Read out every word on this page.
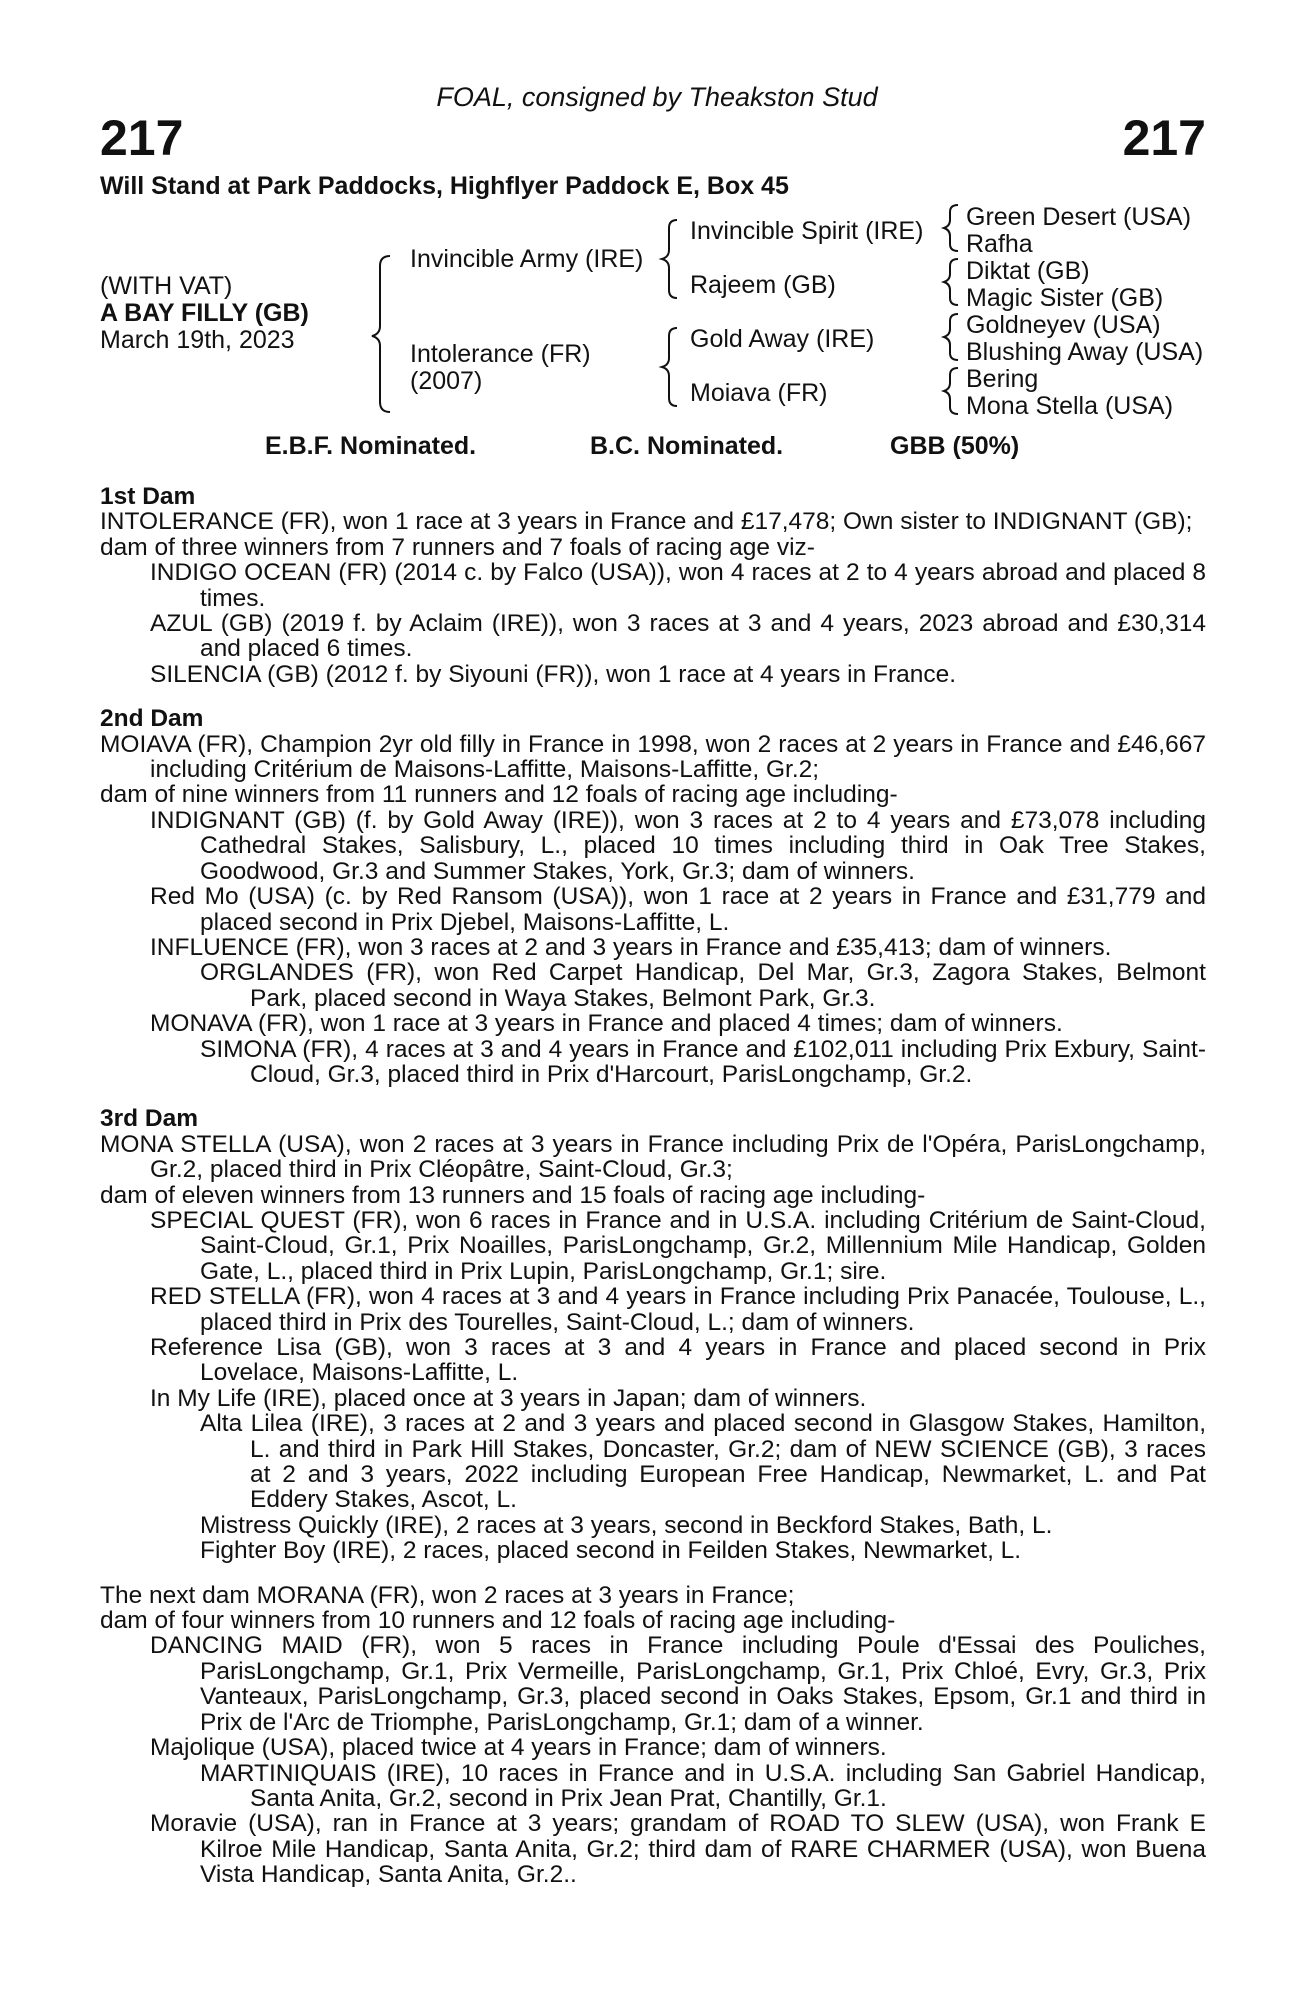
FOAL, consigned by Theakston Stud
217	217
Will Stand at Park Paddocks, Highflyer Paddock E, Box 45
(WITH VAT)
A BAY FILLY (GB)
March 19th, 2023
Invincible Army (IRE)
Intolerance (FR)
(2007)
Invincible Spirit (IRE)
Rajeem (GB)
Gold Away (IRE)
Moiava (FR)
Green Desert (USA)
Rafha
Diktat (GB)
Magic Sister (GB)
Goldneyev (USA)
Blushing Away (USA)
Bering
Mona Stella (USA)
E.B.F. Nominated.	B.C. Nominated.	GBB (50%)
1st Dam
INTOLERANCE (FR), won 1 race at 3 years in France and £17,478; Own sister to INDIGNANT (GB);
dam of three winners from 7 runners and 7 foals of racing age viz-
INDIGO OCEAN (FR) (2014 c. by Falco (USA)), won 4 races at 2 to 4 years abroad and placed 8 times.
AZUL (GB) (2019 f. by Aclaim (IRE)), won 3 races at 3 and 4 years, 2023 abroad and £30,314 and placed 6 times.
SILENCIA (GB) (2012 f. by Siyouni (FR)), won 1 race at 4 years in France.
2nd Dam
MOIAVA (FR), Champion 2yr old filly in France in 1998, won 2 races at 2 years in France and £46,667 including Critérium de Maisons-Laffitte, Maisons-Laffitte, Gr.2;
dam of nine winners from 11 runners and 12 foals of racing age including-
INDIGNANT (GB) (f. by Gold Away (IRE)), won 3 races at 2 to 4 years and £73,078 including Cathedral Stakes, Salisbury, L., placed 10 times including third in Oak Tree Stakes, Goodwood, Gr.3 and Summer Stakes, York, Gr.3; dam of winners.
Red Mo (USA) (c. by Red Ransom (USA)), won 1 race at 2 years in France and £31,779 and placed second in Prix Djebel, Maisons-Laffitte, L.
INFLUENCE (FR), won 3 races at 2 and 3 years in France and £35,413; dam of winners.
ORGLANDES (FR), won Red Carpet Handicap, Del Mar, Gr.3, Zagora Stakes, Belmont Park, placed second in Waya Stakes, Belmont Park, Gr.3.
MONAVA (FR), won 1 race at 3 years in France and placed 4 times; dam of winners.
SIMONA (FR), 4 races at 3 and 4 years in France and £102,011 including Prix Exbury, Saint-Cloud, Gr.3, placed third in Prix d'Harcourt, ParisLongchamp, Gr.2.
3rd Dam
MONA STELLA (USA), won 2 races at 3 years in France including Prix de l'Opéra, ParisLongchamp, Gr.2, placed third in Prix Cléopâtre, Saint-Cloud, Gr.3;
dam of eleven winners from 13 runners and 15 foals of racing age including-
SPECIAL QUEST (FR), won 6 races in France and in U.S.A. including Critérium de Saint-Cloud, Saint-Cloud, Gr.1, Prix Noailles, ParisLongchamp, Gr.2, Millennium Mile Handicap, Golden Gate, L., placed third in Prix Lupin, ParisLongchamp, Gr.1; sire.
RED STELLA (FR), won 4 races at 3 and 4 years in France including Prix Panacée, Toulouse, L., placed third in Prix des Tourelles, Saint-Cloud, L.; dam of winners.
Reference Lisa (GB), won 3 races at 3 and 4 years in France and placed second in Prix Lovelace, Maisons-Laffitte, L.
In My Life (IRE), placed once at 3 years in Japan; dam of winners.
Alta Lilea (IRE), 3 races at 2 and 3 years and placed second in Glasgow Stakes, Hamilton, L. and third in Park Hill Stakes, Doncaster, Gr.2; dam of NEW SCIENCE (GB), 3 races at 2 and 3 years, 2022 including European Free Handicap, Newmarket, L. and Pat Eddery Stakes, Ascot, L.
Mistress Quickly (IRE), 2 races at 3 years, second in Beckford Stakes, Bath, L.
Fighter Boy (IRE), 2 races, placed second in Feilden Stakes, Newmarket, L.
The next dam MORANA (FR), won 2 races at 3 years in France;
dam of four winners from 10 runners and 12 foals of racing age including-
DANCING MAID (FR), won 5 races in France including Poule d'Essai des Pouliches, ParisLongchamp, Gr.1, Prix Vermeille, ParisLongchamp, Gr.1, Prix Chloé, Evry, Gr.3, Prix Vanteaux, ParisLongchamp, Gr.3, placed second in Oaks Stakes, Epsom, Gr.1 and third in Prix de l'Arc de Triomphe, ParisLongchamp, Gr.1; dam of a winner.
Majolique (USA), placed twice at 4 years in France; dam of winners.
MARTINIQUAIS (IRE), 10 races in France and in U.S.A. including San Gabriel Handicap, Santa Anita, Gr.2, second in Prix Jean Prat, Chantilly, Gr.1.
Moravie (USA), ran in France at 3 years; grandam of ROAD TO SLEW (USA), won Frank E Kilroe Mile Handicap, Santa Anita, Gr.2; third dam of RARE CHARMER (USA), won Buena Vista Handicap, Santa Anita, Gr.2..
